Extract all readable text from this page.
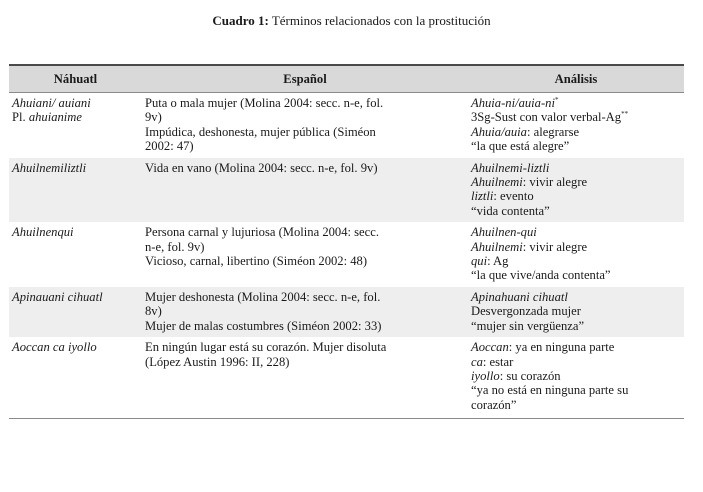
Cuadro 1: Términos relacionados con la prostitución
Náhuatl	Español	Análisis

Ahuiani/ auiani
Pl. ahuianime	Puta o mala mujer (Molina 2004: secc. n-e, fol.
9v)
Impúdica, deshonesta, mujer pública (Siméon
2002: 47)	Ahuia-ni/auia-ni*
3Sg-Sust con valor verbal-Ag**
Ahuia/auia: alegrarse
“la que está alegre”

Ahuilnemiliztli	Vida en vano (Molina 2004: secc. n-e, fol. 9v)	Ahuilnemi-liztli
Ahuilnemi: vivir alegre
liztli: evento
“vida contenta”

Ahuilnenqui	Persona carnal y lujuriosa (Molina 2004: secc.
n-e, fol. 9v)
Vicioso, carnal, libertino (Siméon 2002: 48)	Ahuilnen-qui
Ahuilnemi: vivir alegre
qui: Ag
“la que vive/anda contenta”

Apinauani cihuatl	Mujer deshonesta (Molina 2004: secc. n-e, fol.
8v)
Mujer de malas costumbres (Siméon 2002: 33)	Apinahuani cihuatl
Desvergonzada mujer
“mujer sin vergüenza”

Aoccan ca iyollo	En ningún lugar está su corazón. Mujer disoluta
(López Austin 1996: II, 228)	Aoccan: ya en ninguna parte
ca: estar
iyollo: su corazón
“ya no está en ninguna parte su
corazón”
